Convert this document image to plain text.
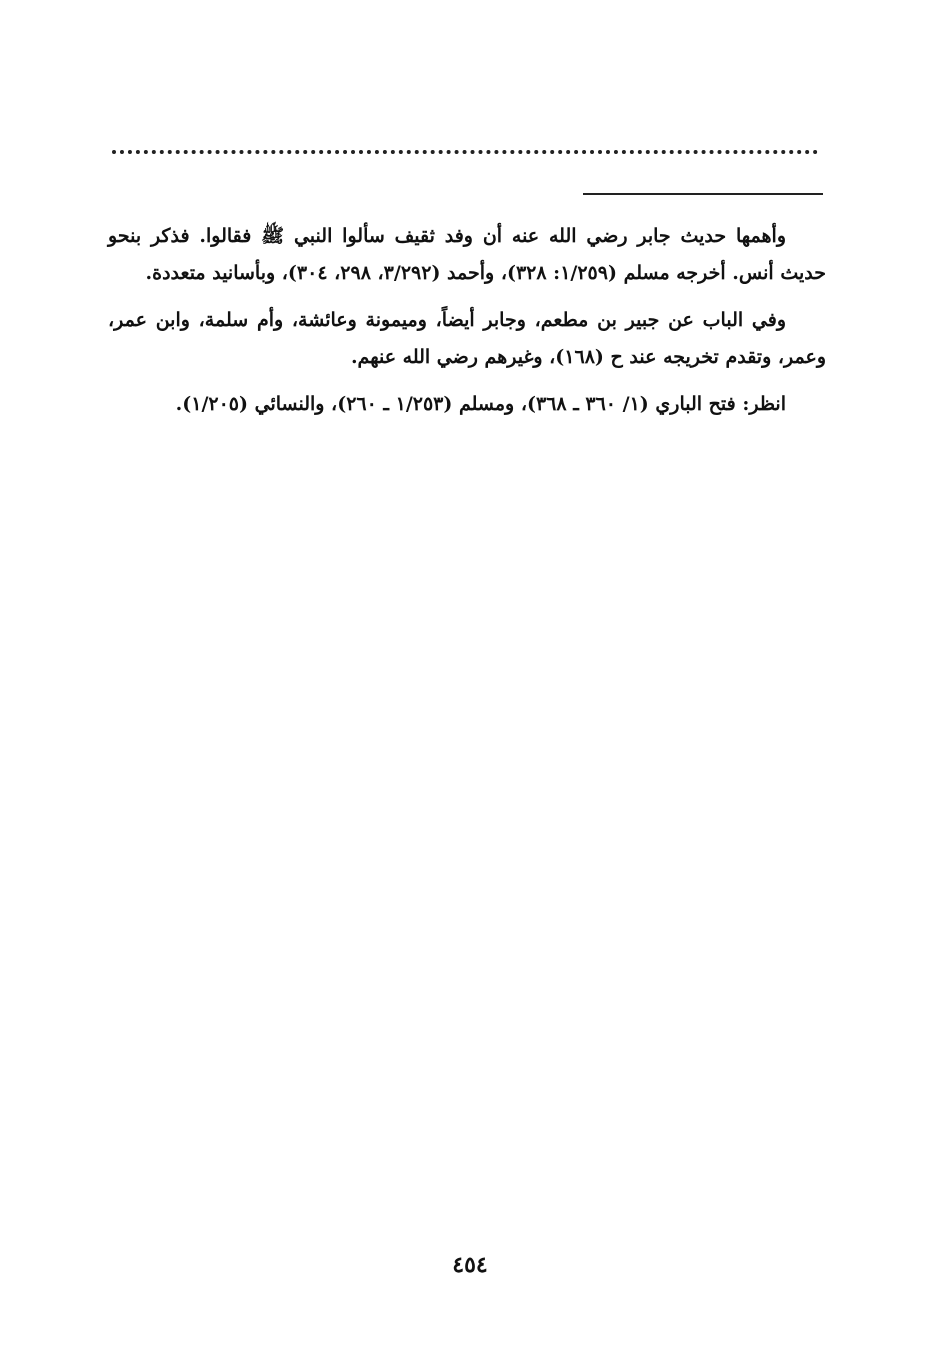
وأهمها حديث جابر رضي الله عنه أن وفد ثقيف سألوا النبي ﷺ فقالوا. فذكر بنحو حديث أنس. أخرجه مسلم (١/٢٥٩: ٣٢٨)، وأحمد (٣/٢٩٢، ٢٩٨، ٣٠٤)، وبأسانيد متعددة.

وفي الباب عن جبير بن مطعم، وجابر أيضاً، وميمونة وعائشة، وأم سلمة، وابن عمر، وعمر، وتقدم تخريجه عند ح (١٦٨)، وغيرهم رضي الله عنهم.

انظر: فتح الباري (١/ ٣٦٠ ـ ٣٦٨)، ومسلم (١/٢٥٣ ـ ٢٦٠)، والنسائي (١/٢٠٥).

٤٥٤
